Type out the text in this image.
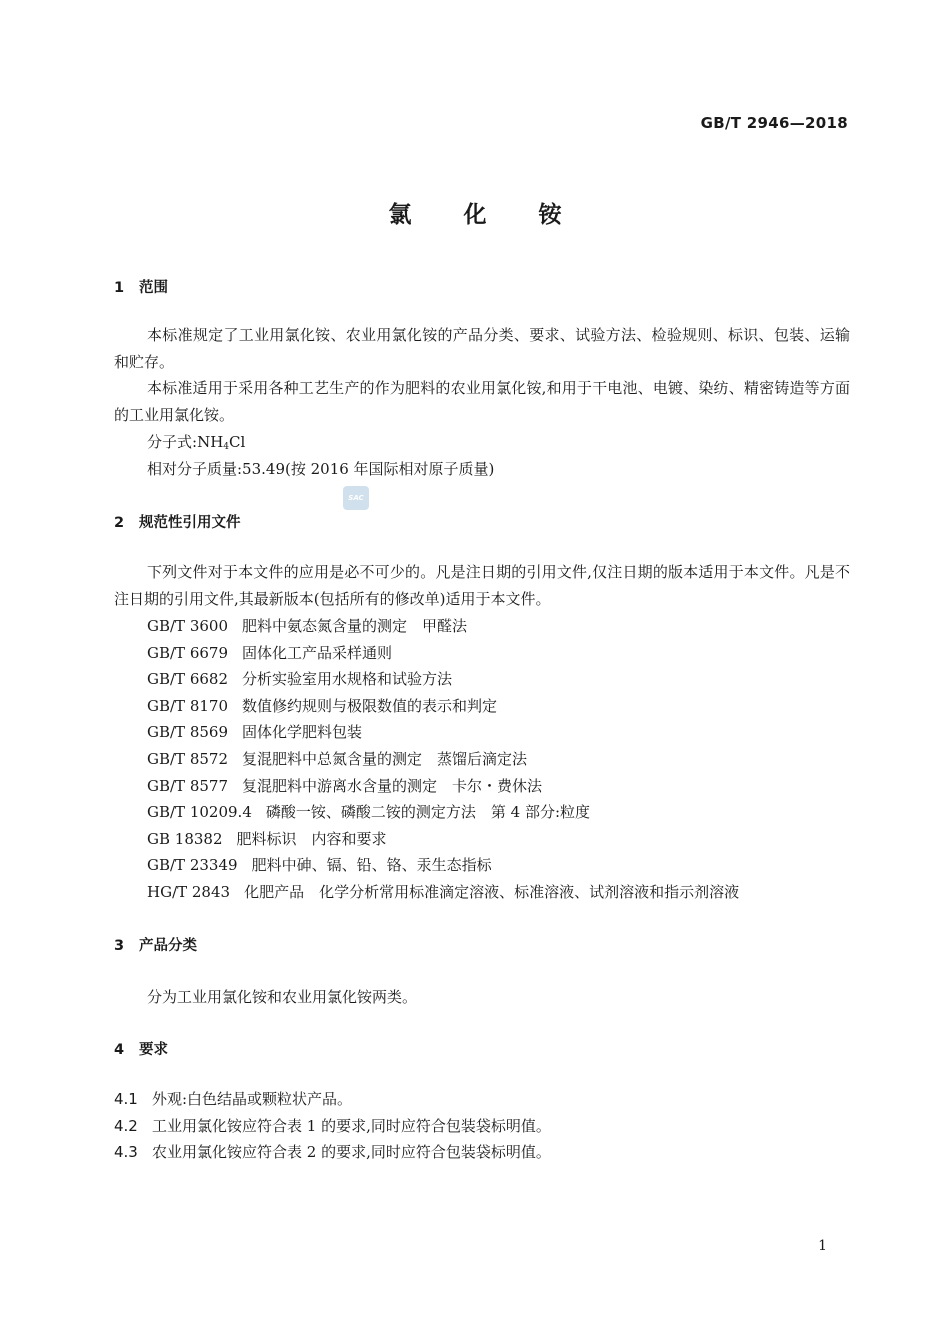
GB/T 2946—2018
氯化铵
1 范围
本标准规定了工业用氯化铵、农业用氯化铵的产品分类、要求、试验方法、检验规则、标识、包装、运输和贮存。
本标准适用于采用各种工艺生产的作为肥料的农业用氯化铵,和用于干电池、电镀、染纺、精密铸造等方面的工业用氯化铵。
分子式$:NH_4Cl$
相对分子质量:53.49(按 2016 年国际相对原子质量)
SAC
2 规范性引用文件
下列文件对于本文件的应用是必不可少的。凡是注日期的引用文件,仅注日期的版本适用于本文件。凡是不注日期的引用文件,其最新版本(包括所有的修改单)适用于本文件。
GB/T 3600 肥料中氨态氮含量的测定　甲醛法
GB/T 6679 固体化工产品采样通则
GB/T 6682 分析实验室用水规格和试验方法
GB/T 8170 数值修约规则与极限数值的表示和判定
GB/T 8569 固体化学肥料包装
GB/T 8572 复混肥料中总氮含量的测定　蒸馏后滴定法
GB/T 8577 复混肥料中游离水含量的测定　卡尔・费休法
GB/T 10209.4 磷酸一铵、磷酸二铵的测定方法　第 4 部分:粒度
GB 18382 肥料标识　内容和要求
GB/T 23349 肥料中砷、镉、铅、铬、汞生态指标
HG/T 2843 化肥产品　化学分析常用标准滴定溶液、标准溶液、试剂溶液和指示剂溶液
3 产品分类
分为工业用氯化铵和农业用氯化铵两类。
4 要求
4.1 外观:白色结晶或颗粒状产品。
4.2 工业用氯化铵应符合表 1 的要求,同时应符合包装袋标明值。
4.3 农业用氯化铵应符合表 2 的要求,同时应符合包装袋标明值。
1
